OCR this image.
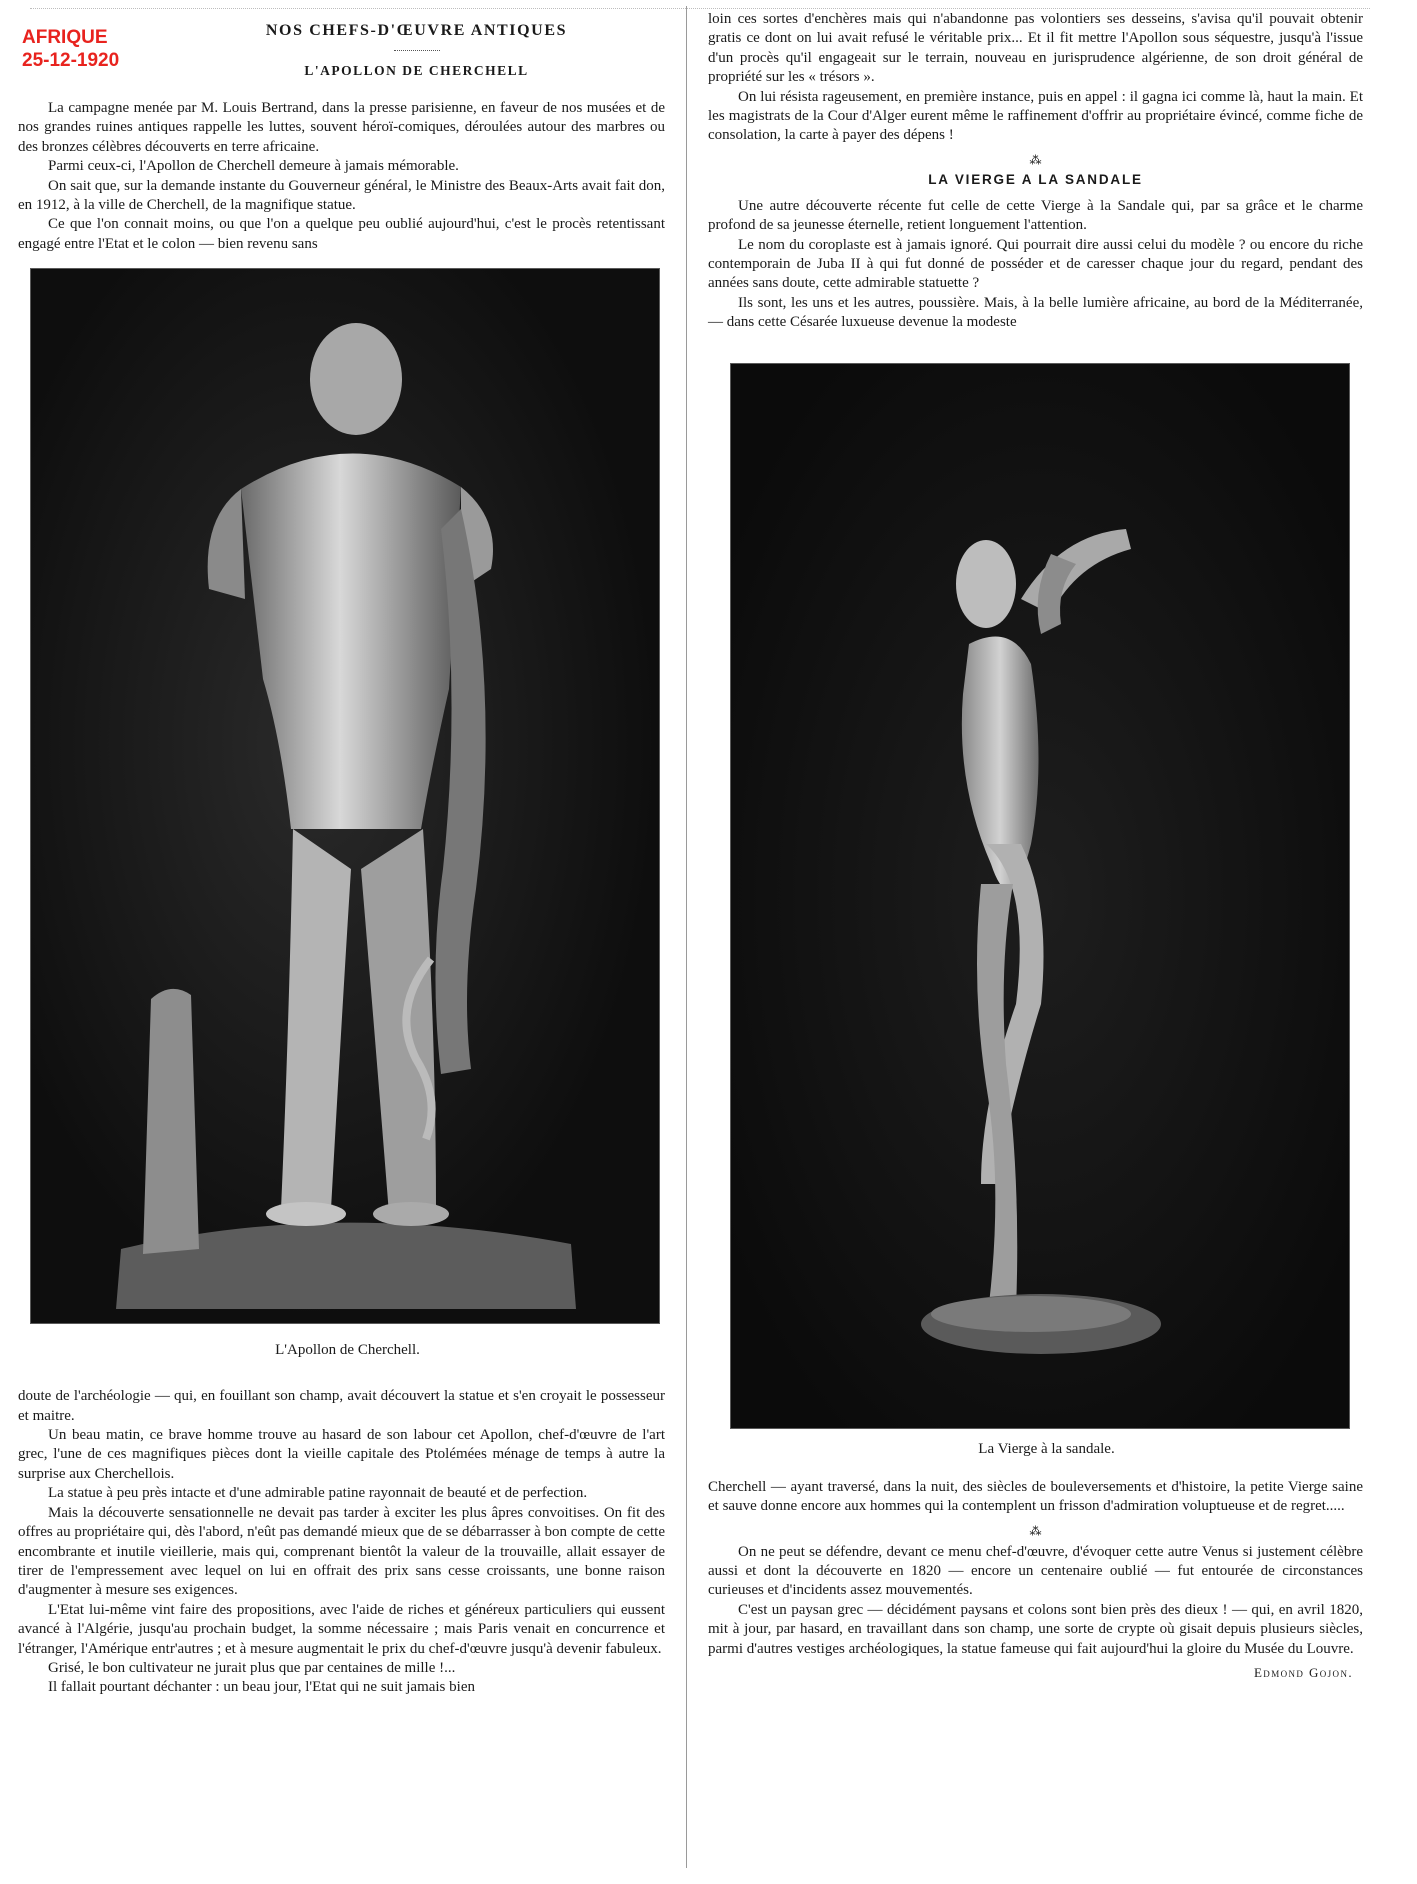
AFRIQUE
25-12-1920
NOS CHEFS-D'ŒUVRE ANTIQUES
L'APOLLON DE CHERCHELL

La campagne menée par M. Louis Bertrand, dans la presse parisienne, en faveur de nos musées et de nos grandes ruines antiques rappelle les luttes, souvent héroï-comiques, déroulées autour des marbres ou des bronzes célèbres découverts en terre africaine.

Parmi ceux-ci, l'Apollon de Cherchell demeure à jamais mémorable.

On sait que, sur la demande instante du Gouverneur général, le Ministre des Beaux-Arts avait fait don, en 1912, à la ville de Cherchell, de la magnifique statue.

Ce que l'on connait moins, ou que l'on a quelque peu oublié aujourd'hui, c'est le procès retentissant engagé entre l'Etat et le colon — bien revenu sans

L'Apollon de Cherchell.

doute de l'archéologie — qui, en fouillant son champ, avait découvert la statue et s'en croyait le possesseur et maitre.

Un beau matin, ce brave homme trouve au hasard de son labour cet Apollon, chef-d'œuvre de l'art grec, l'une de ces magnifiques pièces dont la vieille capitale des Ptolémées ménage de temps à autre la surprise aux Cherchellois.

La statue à peu près intacte et d'une admirable patine rayonnait de beauté et de perfection.

Mais la découverte sensationnelle ne devait pas tarder à exciter les plus âpres convoitises. On fit des offres au propriétaire qui, dès l'abord, n'eût pas demandé mieux que de se débarrasser à bon compte de cette encombrante et inutile vieillerie, mais qui, comprenant bientôt la valeur de la trouvaille, allait essayer de tirer de l'empressement avec lequel on lui en offrait des prix sans cesse croissants, une bonne raison d'augmenter à mesure ses exigences.

L'Etat lui-même vint faire des propositions, avec l'aide de riches et généreux particuliers qui eussent avancé à l'Algérie, jusqu'au prochain budget, la somme nécessaire ; mais Paris venait en concurrence et l'étranger, l'Amérique entr'autres ; et à mesure augmentait le prix du chef-d'œuvre jusqu'à devenir fabuleux.

Grisé, le bon cultivateur ne jurait plus que par centaines de mille !...

Il fallait pourtant déchanter : un beau jour, l'Etat qui ne suit jamais bien

loin ces sortes d'enchères mais qui n'abandonne pas volontiers ses desseins, s'avisa qu'il pouvait obtenir gratis ce dont on lui avait refusé le véritable prix... Et il fit mettre l'Apollon sous séquestre, jusqu'à l'issue d'un procès qu'il engageait sur le terrain, nouveau en jurisprudence algérienne, de son droit général de propriété sur les « trésors ».

On lui résista rageusement, en première instance, puis en appel : il gagna ici comme là, haut la main. Et les magistrats de la Cour d'Alger eurent même le raffinement d'offrir au propriétaire évincé, comme fiche de consolation, la carte à payer des dépens !

⁂
LA VIERGE A LA SANDALE

Une autre découverte récente fut celle de cette Vierge à la Sandale qui, par sa grâce et le charme profond de sa jeunesse éternelle, retient longuement l'attention.

Le nom du coroplaste est à jamais ignoré. Qui pourrait dire aussi celui du modèle ? ou encore du riche contemporain de Juba II à qui fut donné de posséder et de caresser chaque jour du regard, pendant des années sans doute, cette admirable statuette ?

Ils sont, les uns et les autres, poussière. Mais, à la belle lumière africaine, au bord de la Méditerranée, — dans cette Césarée luxueuse devenue la modeste

La Vierge à la sandale.

Cherchell — ayant traversé, dans la nuit, des siècles de bouleversements et d'histoire, la petite Vierge saine et sauve donne encore aux hommes qui la contemplent un frisson d'admiration voluptueuse et de regret.....

⁂

On ne peut se défendre, devant ce menu chef-d'œuvre, d'évoquer cette autre Venus si justement célèbre aussi et dont la découverte en 1820 — encore un centenaire oublié — fut entourée de circonstances curieuses et d'incidents assez mouvementés.

C'est un paysan grec — décidément paysans et colons sont bien près des dieux ! — qui, en avril 1820, mit à jour, par hasard, en travaillant dans son champ, une sorte de crypte où gisait depuis plusieurs siècles, parmi d'autres vestiges archéologiques, la statue fameuse qui fait aujourd'hui la gloire du Musée du Louvre.

Edmond Gojon.
